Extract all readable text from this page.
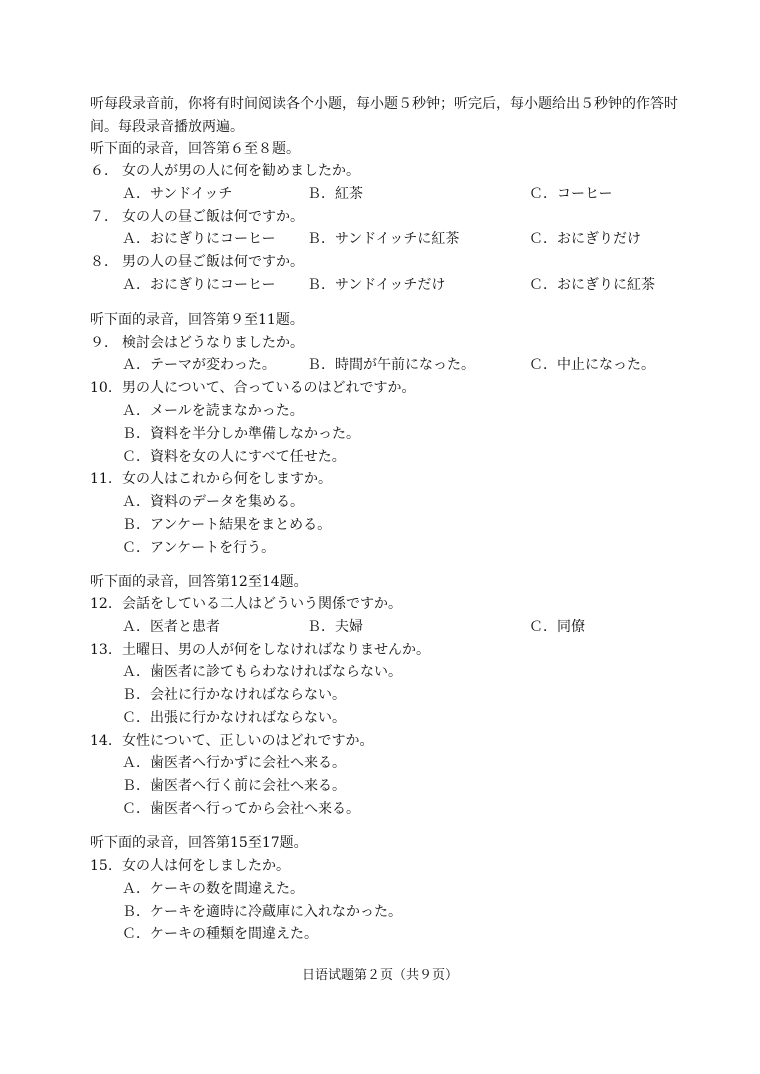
听每段录音前，你将有时间阅读各个小题，每小题５秒钟；听完后，每小题给出５秒钟的作答时间。每段录音播放两遍。
听下面的录音，回答第６至８题。
６． 女の人が男の人に何を勧めましたか。
Ａ．サンドイッチ	Ｂ．紅茶	Ｃ．コーヒー
７． 女の人の昼ご飯は何ですか。
Ａ．おにぎりにコーヒー Ｂ．サンドイッチに紅茶	Ｃ．おにぎりだけ
８． 男の人の昼ご飯は何ですか。
Ａ．おにぎりにコーヒー Ｂ．サンドイッチだけ	Ｃ．おにぎりに紅茶
听下面的录音，回答第９至11题。
９． 検討会はどうなりましたか。
Ａ．テーマが変わった。 Ｂ．時間が午前になった。	Ｃ．中止になった。
10. 男の人について、合っているのはどれですか。
Ａ．メールを読まなかった。
Ｂ．資料を半分しか準備しなかった。
Ｃ．資料を女の人にすべて任せた。
11. 女の人はこれから何をしますか。
Ａ．資料のデータを集める。
Ｂ．アンケート結果をまとめる。
Ｃ．アンケートを行う。
听下面的录音，回答第12至14题。
12. 会話をしている二人はどういう関係ですか。
Ａ．医者と患者	Ｂ．夫婦	Ｃ．同僚
13. 土曜日、男の人が何をしなければなりませんか。
Ａ．歯医者に診てもらわなければならない。
Ｂ．会社に行かなければならない。
Ｃ．出張に行かなければならない。
14. 女性について、正しいのはどれですか。
Ａ．歯医者へ行かずに会社へ来る。
Ｂ．歯医者へ行く前に会社へ来る。
Ｃ．歯医者へ行ってから会社へ来る。
听下面的录音，回答第15至17题。
15. 女の人は何をしましたか。
Ａ．ケーキの数を間違えた。
Ｂ．ケーキを適時に冷蔵庫に入れなかった。
Ｃ．ケーキの種類を間違えた。
日语试题第２页（共９页）
